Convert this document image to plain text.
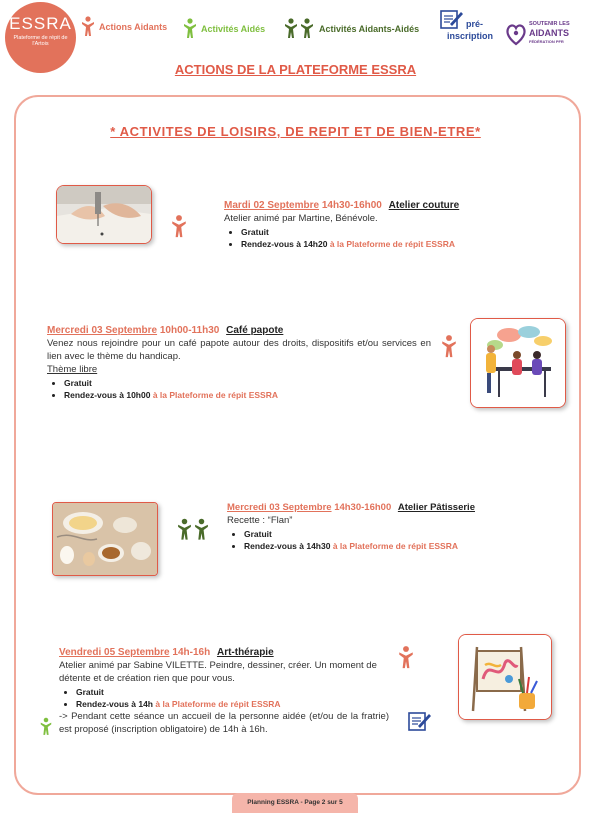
ESSRA
Plateforme de répit de l'Artois
Actions Aidants	Activités Aidés	Activités Aidants-Aidés	pré-
inscription
SOUTENIR LES
AIDANTS
FÉDÉRATION PFR
ACTIONS DE LA PLATEFORME ESSRA
* ACTIVITES DE LOISIRS, DE REPIT ET DE BIEN-ETRE*
Mardi 02 Septembre 14h30-16h00 Atelier couture
Atelier animé par Martine, Bénévole.
• Gratuit
• Rendez-vous à 14h20 à la Plateforme de répit ESSRA
Mercredi 03 Septembre 10h00-11h30 Café papote
Venez nous rejoindre pour un café papote autour des droits, dispositifs et/ou services en lien avec le thème du handicap.
Thème libre
• Gratuit
• Rendez-vous à 10h00 à la Plateforme de répit ESSRA
Mercredi 03 Septembre 14h30-16h00 Atelier Pâtisserie
Recette : “Flan”
• Gratuit
• Rendez-vous à 14h30 à la Plateforme de répit ESSRA
Vendredi 05 Septembre 14h-16h Art-thérapie
Atelier animé par Sabine VILETTE. Peindre, dessiner, créer. Un moment de détente et de création rien que pour vous.
• Gratuit
• Rendez-vous à 14h à la Plateforme de répit ESSRA
-> Pendant cette séance un accueil de la personne aidée (et/ou de la fratrie) est proposé (inscription obligatoire) de 14h à 16h.
Planning ESSRA - Page 2 sur 5
